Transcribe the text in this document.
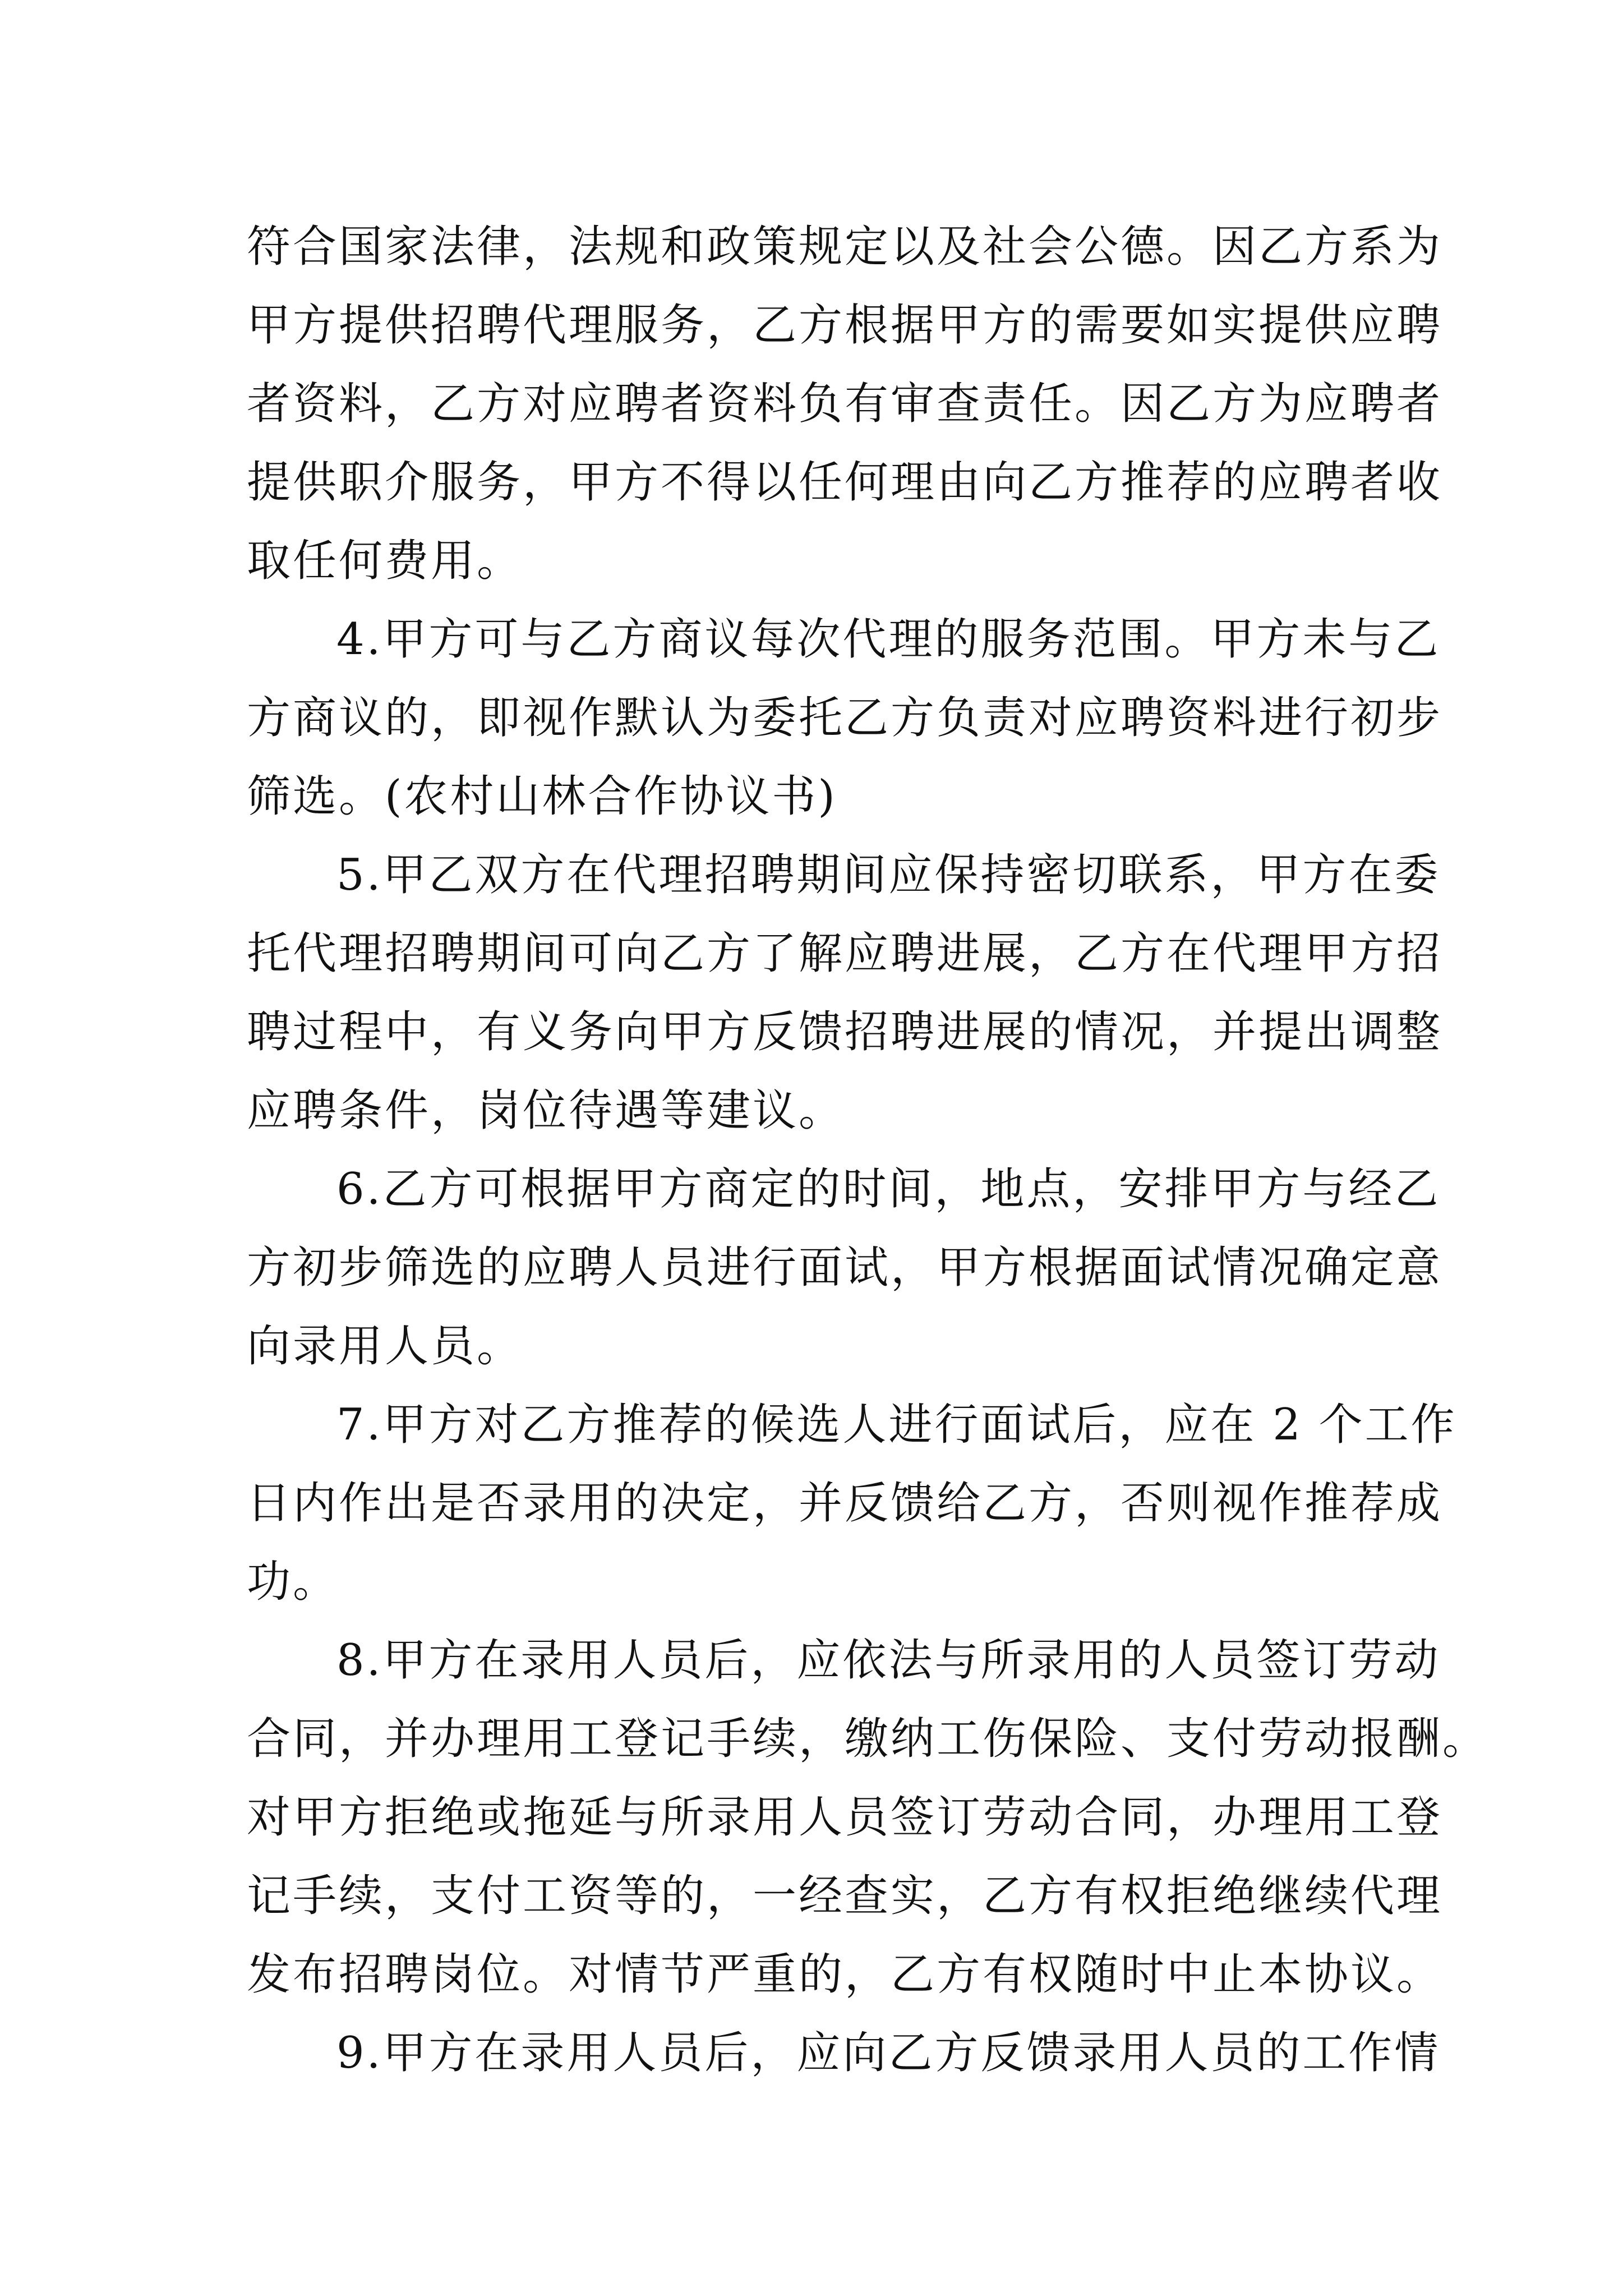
符合国家法律，法规和政策规定以及社会公德。因乙方系为
甲方提供招聘代理服务，乙方根据甲方的需要如实提供应聘
者资料，乙方对应聘者资料负有审查责任。因乙方为应聘者
提供职介服务，甲方不得以任何理由向乙方推荐的应聘者收
取任何费用。
4.甲方可与乙方商议每次代理的服务范围。甲方未与乙
方商议的，即视作默认为委托乙方负责对应聘资料进行初步
筛选。(农村山林合作协议书)
5.甲乙双方在代理招聘期间应保持密切联系，甲方在委
托代理招聘期间可向乙方了解应聘进展，乙方在代理甲方招
聘过程中，有义务向甲方反馈招聘进展的情况，并提出调整
应聘条件，岗位待遇等建议。
6.乙方可根据甲方商定的时间，地点，安排甲方与经乙
方初步筛选的应聘人员进行面试，甲方根据面试情况确定意
向录用人员。
7.甲方对乙方推荐的候选人进行面试后，应在 2 个工作
日内作出是否录用的决定，并反馈给乙方，否则视作推荐成
功。
8.甲方在录用人员后，应依法与所录用的人员签订劳动
合同，并办理用工登记手续，缴纳工伤保险、支付劳动报酬。
对甲方拒绝或拖延与所录用人员签订劳动合同，办理用工登
记手续，支付工资等的，一经查实，乙方有权拒绝继续代理
发布招聘岗位。对情节严重的，乙方有权随时中止本协议。
9.甲方在录用人员后，应向乙方反馈录用人员的工作情
